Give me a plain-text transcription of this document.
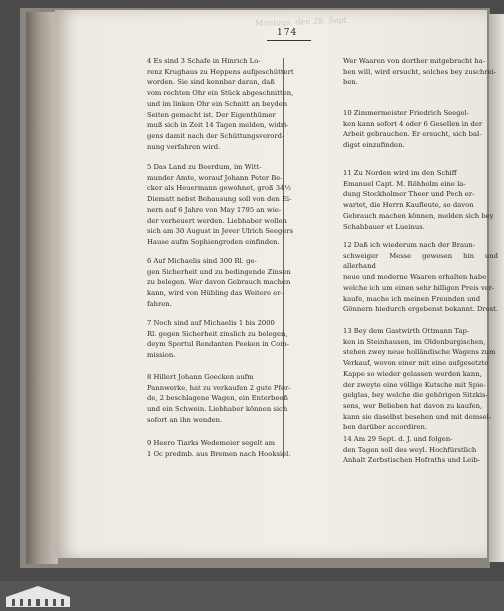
Montags, den 28. Sept.
174
4 Es sind 3 Schafe in Hinrich Lo-
renz Krughaus zu Heppens aufgeschüttert
worden. Sie sind kennbar daran, daß
vom rechten Ohr ein Stück abgeschnitten,
und im linken Ohr ein Schnitt an beyden
Seiten gemacht ist. Der Eigenthümer
muß sich in Zeit 14 Tagen melden, widri-
gens damit nach der Schüttungsverord-
nung verfahren wird.
5 Das Land zu Beerdum, im Witt-
munder Amte, worauf Johann Peter Be-
cker als Heuermann gewohnet, groß 34½
Diematt nebst Behausung soll von den Ei-
nern auf 6 Jahre von May 1795 an wie-
der verheuert werden. Liebhaber wollen
sich am 30 August in Jever Ulrich Seegers
Hause aufm Sophiengroden einfinden.
6 Auf Michaelis sind 300 Rl. ge-
gen Sicherheit und zu bedingende Zinsen
zu belegen. Wer davon Gebrauch machen
kann, wird von Hübling das Weitere er-
fahren.
7 Noch sind auf Michaelis 1 bis 2000
Rl. gegen Sicherheit zinslich zu belegen,
deym Sportul Rendanten Peeken in Com-
mission.
8 Hillert Johann Goecken aufm
Pannwerke, hat zu verkaufen 2 gute Pfer-
de, 2 beschlagene Wagen, ein Enterbeeß
und ein Schwein. Liebhaber können sich
sofort an ihn wenden.
9 Heero Tiarks Wedemeier segelt am
1 Oc predmb. aus Bremen nach Hooksiel.
Wer Waaren von dorther mitgebracht ha-
ben will, wird ersucht, solches bey zuschrei-
ben.
10 Zimmermeister Friedrich Seegel-
ken kann sofort 4 oder 6 Gesellen in der
Arbeit gebrauchen. Er ersucht, sich bal-
digst einzufinden.
11 Zu Norden wird im den Schiff
Emanuel Capt. M. Röhholm eine la-
dung Stockholmer Theer und Pech er-
wartet, die Herrn Kaufleute, so davon
Gebrauch machen können, melden sich bey
Schabbauer et Lueinus.
12 Daß ich wiederum nach der Braun-
schweiger Messe gewesen bin und allerhand
neue und moderne Waaren erhalten habe
welche ich um einen sehr billigen Preis ver-
kaufe, mache ich meinen Freunden und
Gönnern hiedurch ergebenst bekannt. Drost.
13 Bey dem Gastwirth Ottmann Tap-
ken in Steinhausen, im Oldenburgischen,
stehen zwey neue holländische Wagens zum
Verkauf, wovon einer mit eine aufgesetzte
Kappe so wieder gelassen werden kann,
der zweyte eine völlige Kutsche mit Spie-
gelglas, bey welche die gehörigen Sitzkis-
sens, wer Belieben hat davon zu kaufen,
kann sie daselbst besehen und mit demsel-
ben darüber accordiren.
14 Am 29 Sept. d. J. und folgen-
den Tagen soll des weyl. Hochfürstlich
Anhalt Zerbstischen Hofraths und Leib-
